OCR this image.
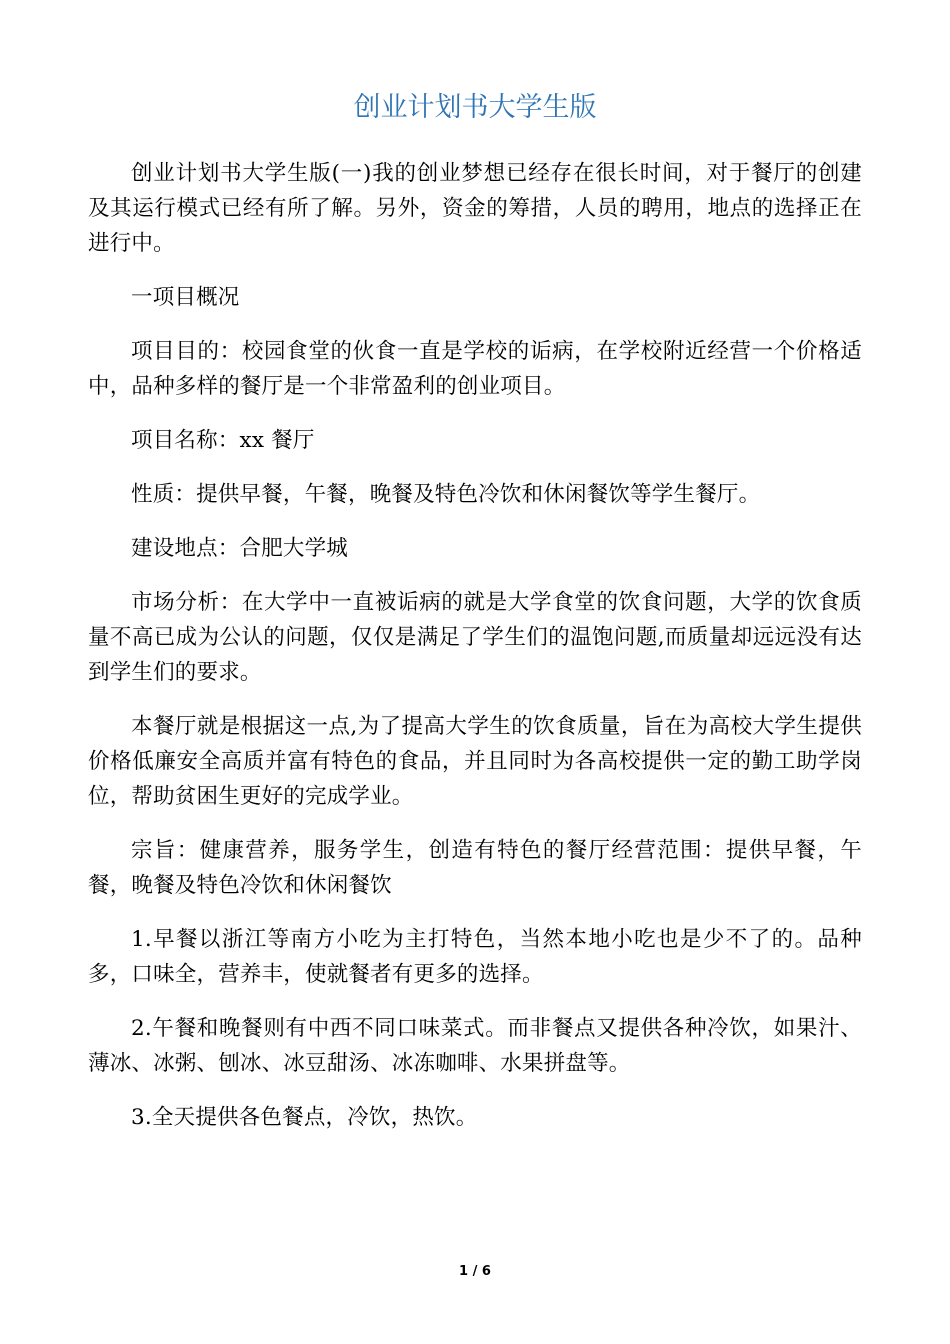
创业计划书大学生版

创业计划书大学生版(一)我的创业梦想已经存在很长时间，对于餐厅的创建及其运行模式已经有所了解。另外，资金的筹措，人员的聘用，地点的选择正在进行中。

一项目概况

项目目的：校园食堂的伙食一直是学校的诟病，在学校附近经营一个价格适中，品种多样的餐厅是一个非常盈利的创业项目。

项目名称：xx 餐厅

性质：提供早餐，午餐，晚餐及特色冷饮和休闲餐饮等学生餐厅。

建设地点：合肥大学城

市场分析：在大学中一直被诟病的就是大学食堂的饮食问题，大学的饮食质量不高已成为公认的问题，仅仅是满足了学生们的温饱问题,而质量却远远没有达到学生们的要求。

本餐厅就是根据这一点,为了提高大学生的饮食质量，旨在为高校大学生提供价格低廉安全高质并富有特色的食品，并且同时为各高校提供一定的勤工助学岗位，帮助贫困生更好的完成学业。

宗旨：健康营养，服务学生，创造有特色的餐厅经营范围：提供早餐，午餐，晚餐及特色冷饮和休闲餐饮

1.早餐以浙江等南方小吃为主打特色，当然本地小吃也是少不了的。品种多，口味全，营养丰，使就餐者有更多的选择。

2.午餐和晚餐则有中西不同口味菜式。而非餐点又提供各种冷饮，如果汁、薄冰、冰粥、刨冰、冰豆甜汤、冰冻咖啡、水果拼盘等。

3.全天提供各色餐点，冷饮，热饮。

1 / 6
